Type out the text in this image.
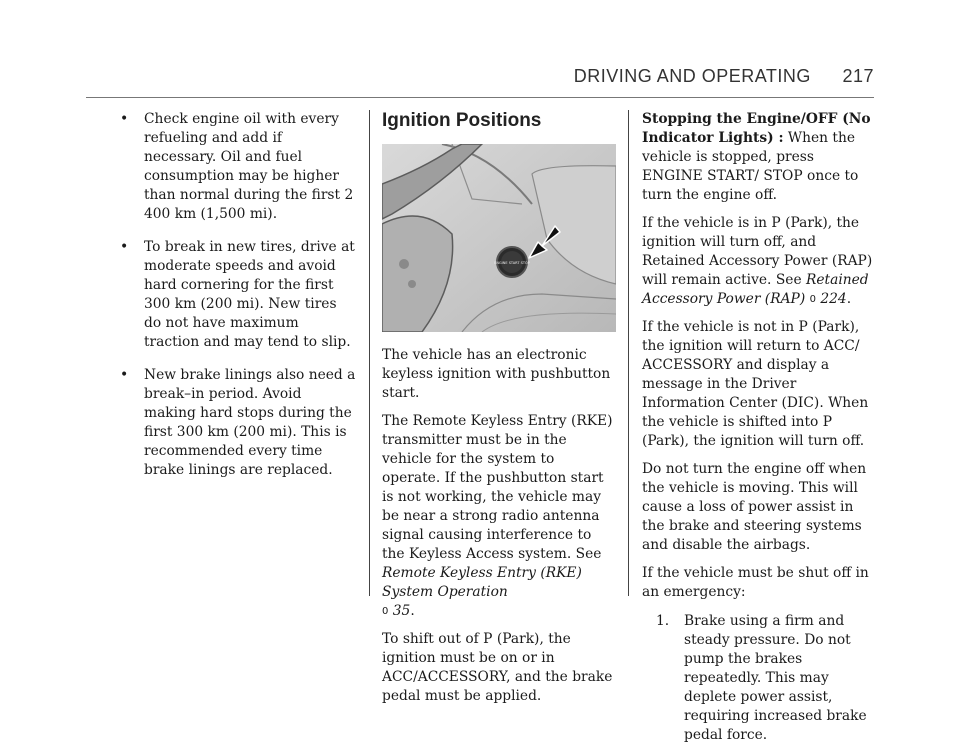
DRIVING AND OPERATING 217
• Check engine oil with every refueling and add if necessary. Oil and fuel consumption may be higher than normal during the first 2 400 km (1,500 mi).
• To break in new tires, drive at moderate speeds and avoid hard cornering for the first 300 km (200 mi). New tires do not have maximum traction and may tend to slip.
• New brake linings also need a break–in period. Avoid making hard stops during the first 300 km (200 mi). This is recommended every time brake linings are replaced.
Ignition Positions
ENGINE START STOP

The vehicle has an electronic keyless ignition with pushbutton start.

The Remote Keyless Entry (RKE) transmitter must be in the vehicle for the system to operate. If the pushbutton start is not working, the vehicle may be near a strong radio antenna signal causing interference to the Keyless Access system. See Remote Keyless Entry (RKE) System Operation
0 35.

To shift out of P (Park), the ignition must be on or in ACC/ACCESSORY, and the brake pedal must be applied.

Stopping the Engine/OFF (No Indicator Lights) : When the vehicle is stopped, press ENGINE START/ STOP once to turn the engine off.

If the vehicle is in P (Park), the ignition will turn off, and Retained Accessory Power (RAP) will remain active. See Retained Accessory Power (RAP) 0 224.

If the vehicle is not in P (Park), the ignition will return to ACC/ ACCESSORY and display a message in the Driver Information Center (DIC). When the vehicle is shifted into P (Park), the ignition will turn off.

Do not turn the engine off when the vehicle is moving. This will cause a loss of power assist in the brake and steering systems and disable the airbags.

If the vehicle must be shut off in an emergency:

1. Brake using a firm and steady pressure. Do not pump the brakes repeatedly. This may deplete power assist, requiring increased brake pedal force.
